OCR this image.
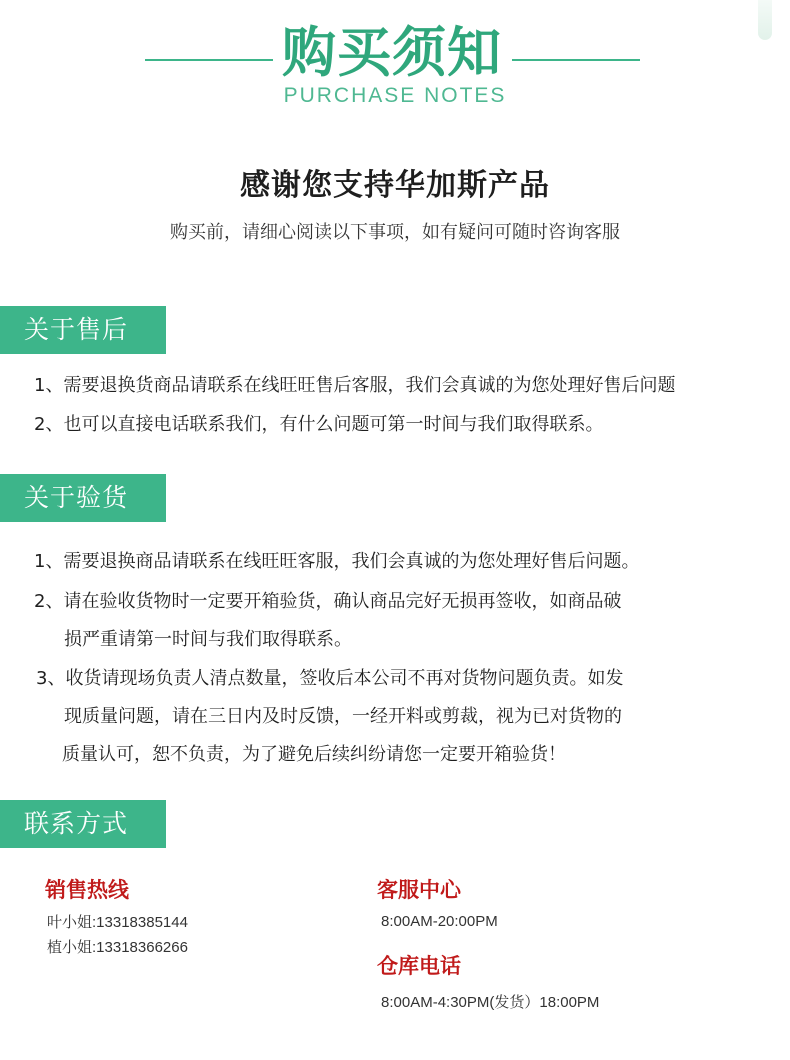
购买须知
PURCHASE NOTES
感谢您支持华加斯产品

购买前，请细心阅读以下事项，如有疑问可随时咨询客服

关于售后
1、需要退换货商品请联系在线旺旺售后客服，我们会真诚的为您处理好售后问题
2、也可以直接电话联系我们，有什么问题可第一时间与我们取得联系。
关于验货
1、需要退换商品请联系在线旺旺客服，我们会真诚的为您处理好售后问题。
2、请在验收货物时一定要开箱验货，确认商品完好无损再签收，如商品破
损严重请第一时间与我们取得联系。
3、收货请现场负责人清点数量，签收后本公司不再对货物问题负责。如发
现质量问题，请在三日内及时反馈，一经开料或剪裁，视为已对货物的
质量认可，恕不负责，为了避免后续纠纷请您一定要开箱验货！
联系方式
销售热线
叶小姐:13318385144
植小姐:13318366266
客服中心
8:00AM-20:00PM
仓库电话
8:00AM-4:30PM(发货）18:00PM
